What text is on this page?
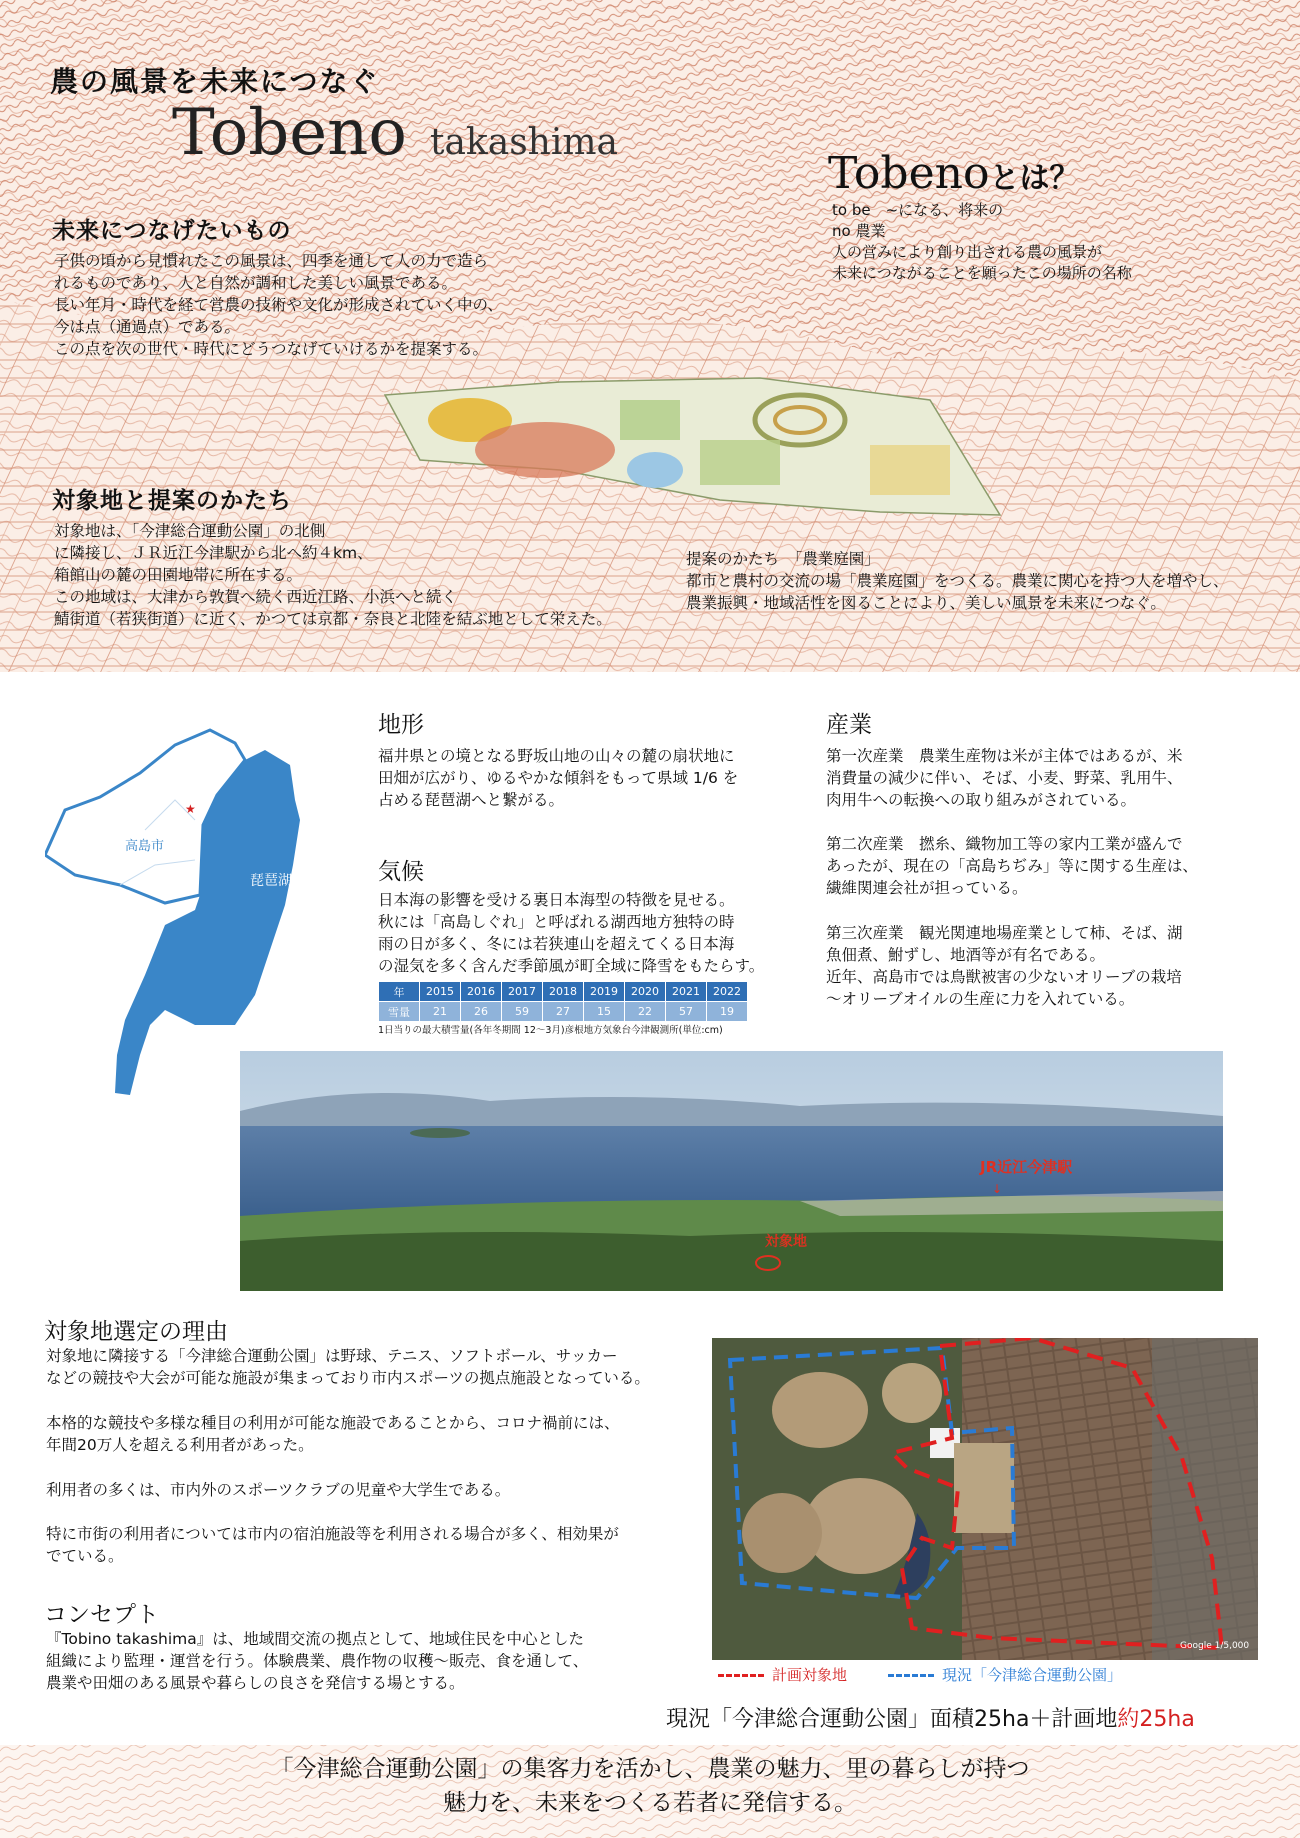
農の風景を未来につなぐ
Tobeno takashima
Tobenoとは？
to be　~になる、将来の
no 農業
人の営みにより創り出される農の風景が
未来につながることを願ったこの場所の名称
未来につなげたいもの
子供の頃から見慣れたこの風景は、四季を通して人の力で造ら
れるものであり、人と自然が調和した美しい風景である。
長い年月・時代を経て営農の技術や文化が形成されていく中の、
今は点（通過点）である。
この点を次の世代・時代にどうつなげていけるかを提案する。
対象地と提案のかたち
対象地は、「今津総合運動公園」の北側
に隣接し、ＪＲ近江今津駅から北へ約４km、
箱館山の麓の田園地帯に所在する。
この地域は、大津から敦賀へ続く西近江路、小浜へと続く
鯖街道（若狭街道）に近く、かつては京都・奈良と北陸を結ぶ地として栄えた。
提案のかたち　「農業庭園」
都市と農村の交流の場「農業庭園」をつくる。農業に関心を持つ人を増やし、
農業振興・地域活性を図ることにより、美しい風景を未来につなぐ。
★
高島市
琵琶湖
地形
福井県との境となる野坂山地の山々の麓の扇状地に
田畑が広がり、ゆるやかな傾斜をもって県域 1/6 を
占める琵琶湖へと繋がる。
気候
日本海の影響を受ける裏日本海型の特徴を見せる。
秋には「高島しぐれ」と呼ばれる湖西地方独特の時
雨の日が多く、冬には若狭連山を超えてくる日本海
の湿気を多く含んだ季節風が町全域に降雪をもたらす。
年	2015	2016	2017	2018	2019	2020	2021	2022
雪量	21	26	59	27	15	22	57	19
1日当りの最大積雪量(各年冬期間 12～3月)彦根地方気象台今津観測所(単位:cm)
産業
第一次産業　農業生産物は米が主体ではあるが、米
消費量の減少に伴い、そば、小麦、野菜、乳用牛、
肉用牛への転換への取り組みがされている。
第二次産業　撚糸、織物加工等の家内工業が盛んで
あったが、現在の「高島ちぢみ」等に関する生産は、
繊維関連会社が担っている。
第三次産業　観光関連地場産業として柿、そば、湖
魚佃煮、鮒ずし、地酒等が有名である。
近年、高島市では鳥獣被害の少ないオリーブの栽培
～オリーブオイルの生産に力を入れている。
JR近江今津駅
↓
対象地
対象地選定の理由
対象地に隣接する「今津総合運動公園」は野球、テニス、ソフトボール、サッカー
などの競技や大会が可能な施設が集まっており市内スポーツの拠点施設となっている。
本格的な競技や多様な種目の利用が可能な施設であることから、コロナ禍前には、
年間20万人を超える利用者があった。
利用者の多くは、市内外のスポーツクラブの児童や大学生である。
特に市街の利用者については市内の宿泊施設等を利用される場合が多く、相効果が
でている。
コンセプト
『Tobino takashima』は、地域間交流の拠点として、地域住民を中心とした
組織により監理・運営を行う。体験農業、農作物の収穫～販売、食を通して、
農業や田畑のある風景や暮らしの良さを発信する場とする。
Google 1/5,000
計画対象地	現況「今津総合運動公園」
現況「今津総合運動公園」面積25ha＋計画地約25ha
「今津総合運動公園」の集客力を活かし、農業の魅力、里の暮らしが持つ
魅力を、未来をつくる若者に発信する。
